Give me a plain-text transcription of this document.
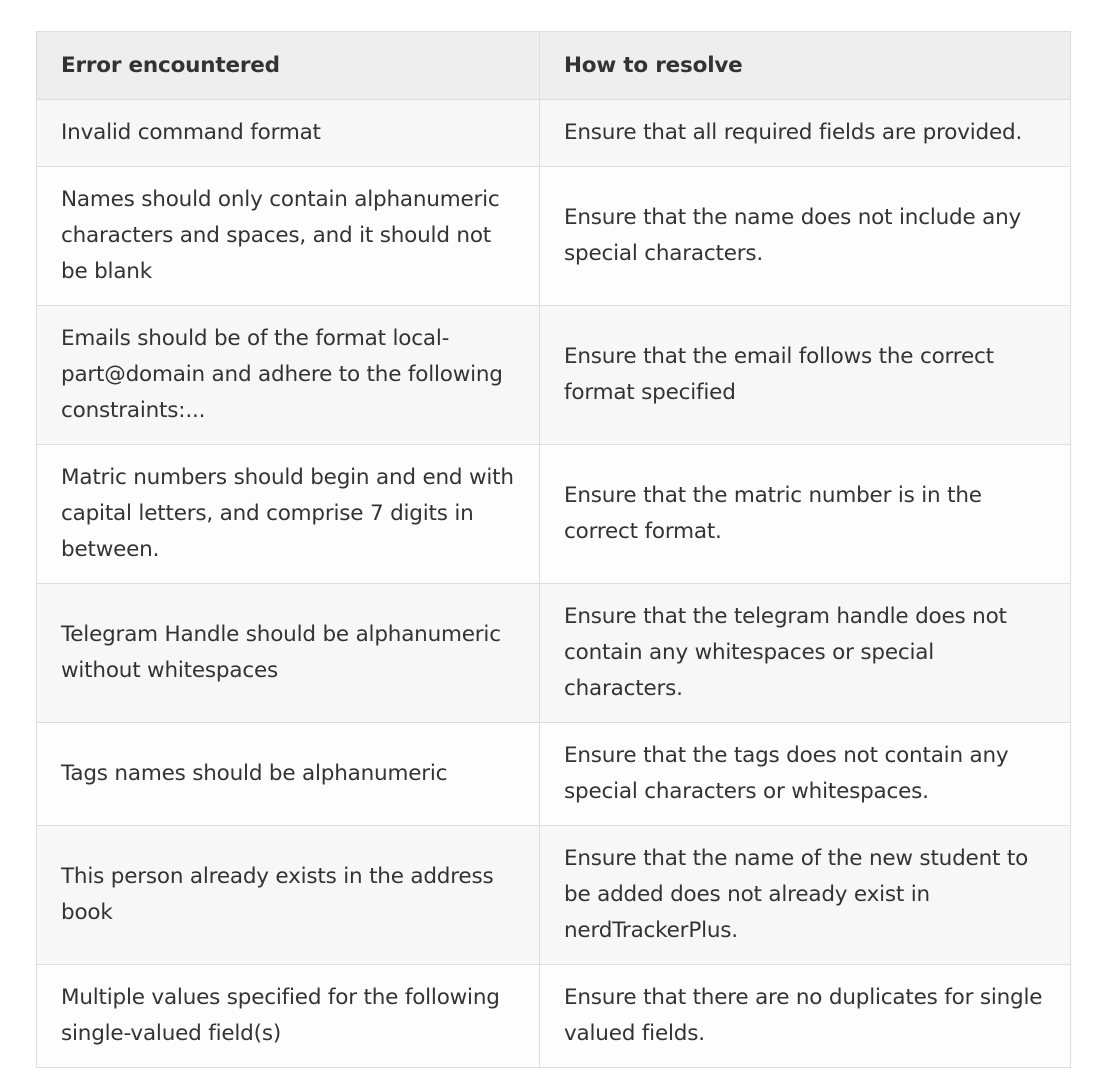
Error encountered	How to resolve
Invalid command format	Ensure that all required fields are provided.
Names should only contain alphanumeric characters and spaces, and it should not be blank	Ensure that the name does not include any special characters.
Emails should be of the format local-part@domain and adhere to the following constraints:...	Ensure that the email follows the correct format specified
Matric numbers should begin and end with capital letters, and comprise 7 digits in between.	Ensure that the matric number is in the correct format.
Telegram Handle should be alphanumeric without whitespaces	Ensure that the telegram handle does not contain any whitespaces or special characters.
Tags names should be alphanumeric	Ensure that the tags does not contain any special characters or whitespaces.
This person already exists in the address book	Ensure that the name of the new student to be added does not already exist in nerdTrackerPlus.
Multiple values specified for the following single-valued field(s)	Ensure that there are no duplicates for single valued fields.
